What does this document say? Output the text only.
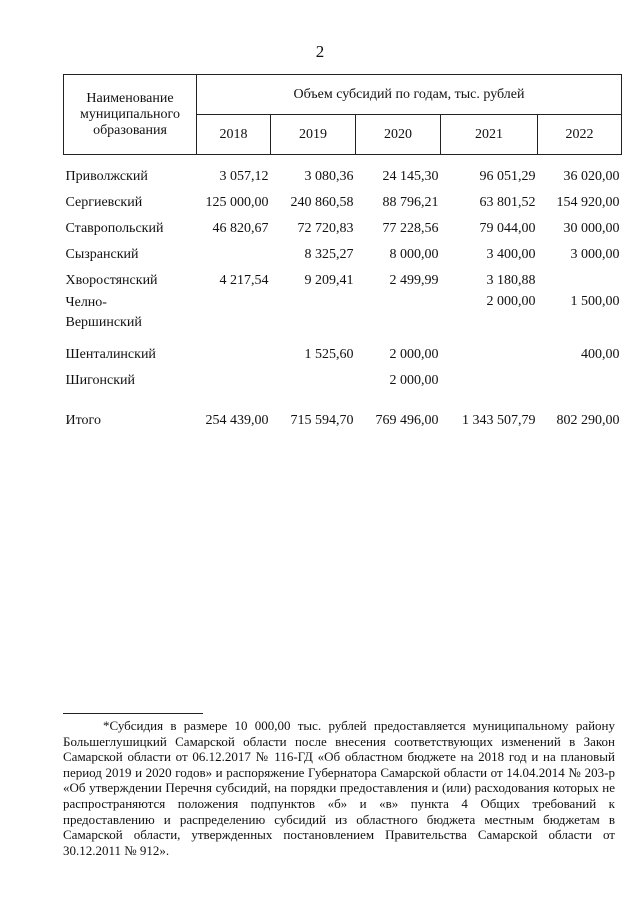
2
Наименование муниципального образования	Объем субсидий по годам, тыс. рублей				
	2018	2019	2020	2021	2022
Приволжский	3 057,12	3 080,36	24 145,30	96 051,29	36 020,00
Сергиевский	125 000,00	240 860,58	88 796,21	63 801,52	154 920,00
Ставропольский	46 820,67	72 720,83	77 228,56	79 044,00	30 000,00
Сызранский		8 325,27	8 000,00	3 400,00	3 000,00
Хворостянский	4 217,54	9 209,41	2 499,99	3 180,88	
Челно-Вершинский				2 000,00	1 500,00
Шенталинский		1 525,60	2 000,00		400,00
Шигонский			2 000,00		
Итого	254 439,00	715 594,70	769 496,00	1 343 507,79	802 290,00
*Субсидия в размере 10 000,00 тыс. рублей предоставляется муниципальному району Большеглушицкий Самарской области после внесения соответствующих изменений в Закон Самарской области от 06.12.2017 № 116-ГД «Об областном бюджете на 2018 год и на плановый период 2019 и 2020 годов» и распоряжение Губернатора Самарской области от 14.04.2014 № 203-р «Об утверждении Перечня субсидий, на порядки предоставления и (или) расходования которых не распространяются положения подпунктов «б» и «в» пункта 4 Общих требований к предоставлению и распределению субсидий из областного бюджета местным бюджетам в Самарской области, утвержденных постановлением Правительства Самарской области от 30.12.2011 № 912».
